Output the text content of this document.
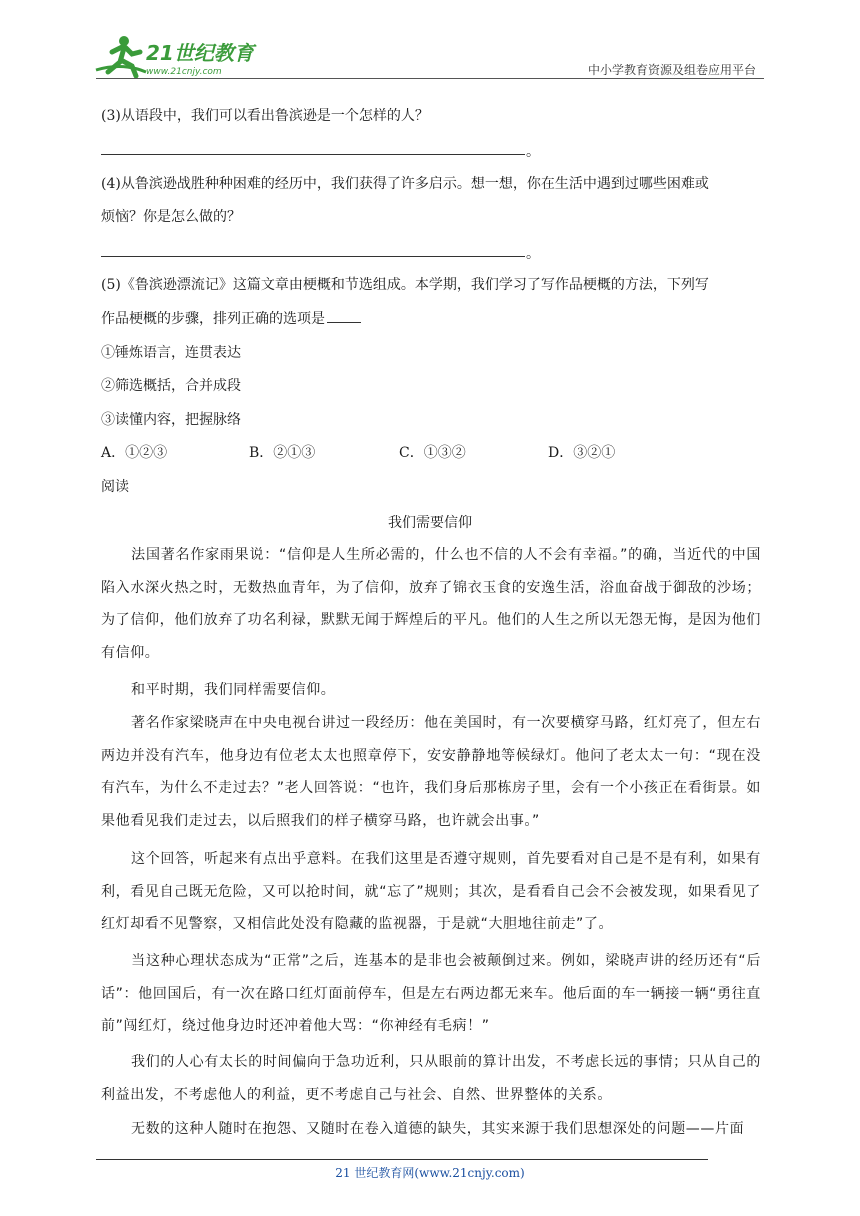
21世纪教育
www.21cnjy.com	中小学教育资源及组卷应用平台
(3)从语段中，我们可以看出鲁滨逊是一个怎样的人？
。
(4)从鲁滨逊战胜种种困难的经历中，我们获得了许多启示。想一想，你在生活中遇到过哪些困难或
烦恼？你是怎么做的？
。
(5)《鲁滨逊漂流记》这篇文章由梗概和节选组成。本学期，我们学习了写作品梗概的方法，下列写
作品梗概的步骤，排列正确的选项是
①锤炼语言，连贯表达
②筛选概括，合并成段
③读懂内容，把握脉络
A．①②③	B．②①③	C．①③②	D．③②①
阅读
我们需要信仰
法国著名作家雨果说：“信仰是人生所必需的，什么也不信的人不会有幸福。”的确，当近代的中国陷入水深火热之时，无数热血青年，为了信仰，放弃了锦衣玉食的安逸生活，浴血奋战于御敌的沙场；为了信仰，他们放弃了功名利禄，默默无闻于辉煌后的平凡。他们的人生之所以无怨无悔，是因为他们有信仰。
和平时期，我们同样需要信仰。
著名作家梁晓声在中央电视台讲过一段经历：他在美国时，有一次要横穿马路，红灯亮了，但左右两边并没有汽车，他身边有位老太太也照章停下，安安静静地等候绿灯。他问了老太太一句：“现在没有汽车，为什么不走过去？”老人回答说：“也许，我们身后那栋房子里，会有一个小孩正在看街景。如果他看见我们走过去，以后照我们的样子横穿马路，也许就会出事。”
这个回答，听起来有点出乎意料。在我们这里是否遵守规则，首先要看对自己是不是有利，如果有利，看见自己既无危险，又可以抢时间，就“忘了”规则；其次，是看看自己会不会被发现，如果看见了红灯却看不见警察，又相信此处没有隐藏的监视器，于是就“大胆地往前走”了。
当这种心理状态成为“正常”之后，连基本的是非也会被颠倒过来。例如，梁晓声讲的经历还有“后话”：他回国后，有一次在路口红灯面前停车，但是左右两边都无来车。他后面的车一辆接一辆“勇往直前”闯红灯，绕过他身边时还冲着他大骂：“你神经有毛病！”
我们的人心有太长的时间偏向于急功近利，只从眼前的算计出发，不考虑长远的事情；只从自己的利益出发，不考虑他人的利益，更不考虑自己与社会、自然、世界整体的关系。
无数的这种人随时在抱怨、又随时在卷入道德的缺失，其实来源于我们思想深处的问题——片面
21 世纪教育网(www.21cnjy.com)
